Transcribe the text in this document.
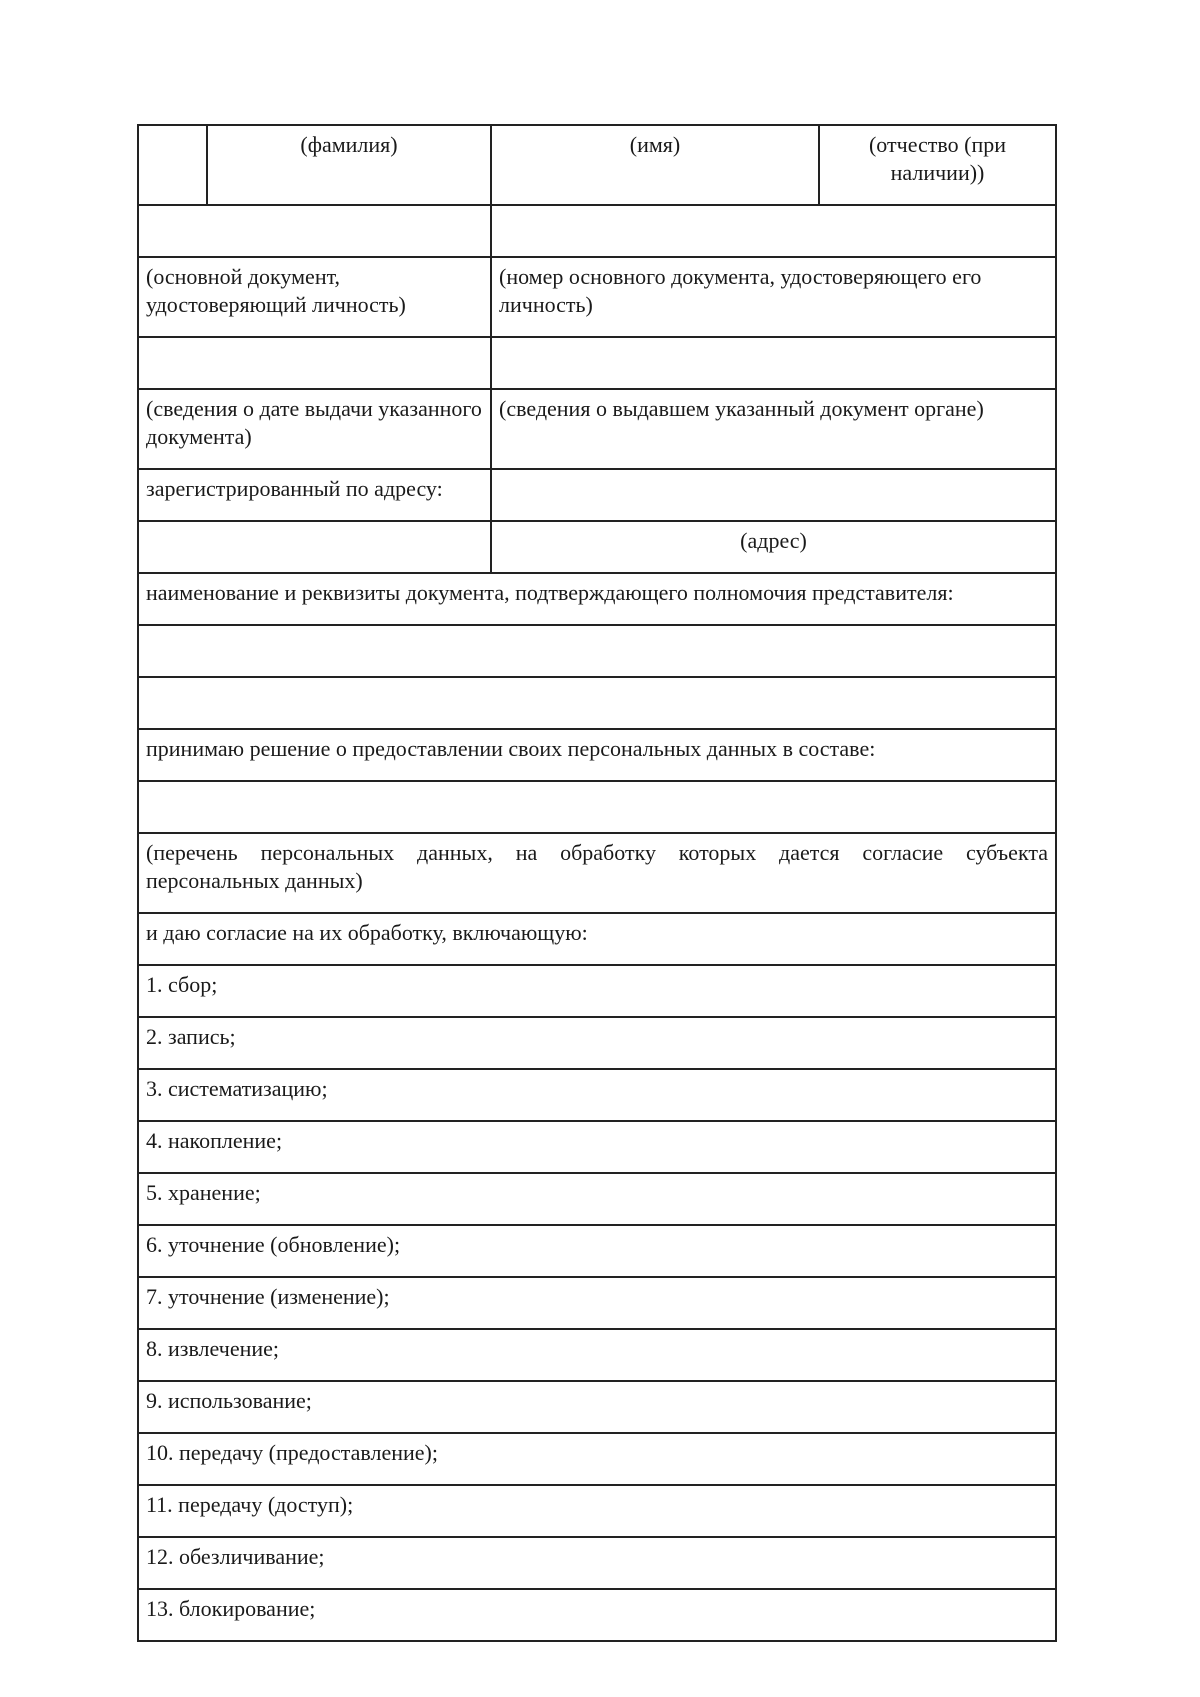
	(фамилия)	(имя)	(отчество (при наличии))

(основной документ, удостоверяющий личность)		(номер основного документа, удостоверяющего его личность)	

(сведения о дате выдачи указанного документа)		(сведения о выдавшем указанный документ органе)	
зарегистрированный по адресу:			
		(адрес)	
наименование и реквизиты документа, подтверждающего полномочия представителя:			

принимаю решение о предоставлении своих персональных данных в составе:			

(перечень персональных данных, на обработку которых дается согласие субъекта персональных данных)			
и даю согласие на их обработку, включающую:			
1. сбор;			
2. запись;			
3. систематизацию;			
4. накопление;			
5. хранение;			
6. уточнение (обновление);			
7. уточнение (изменение);			
8. извлечение;			
9. использование;			
10. передачу (предоставление);			
11. передачу (доступ);			
12. обезличивание;			
13. блокирование;			
